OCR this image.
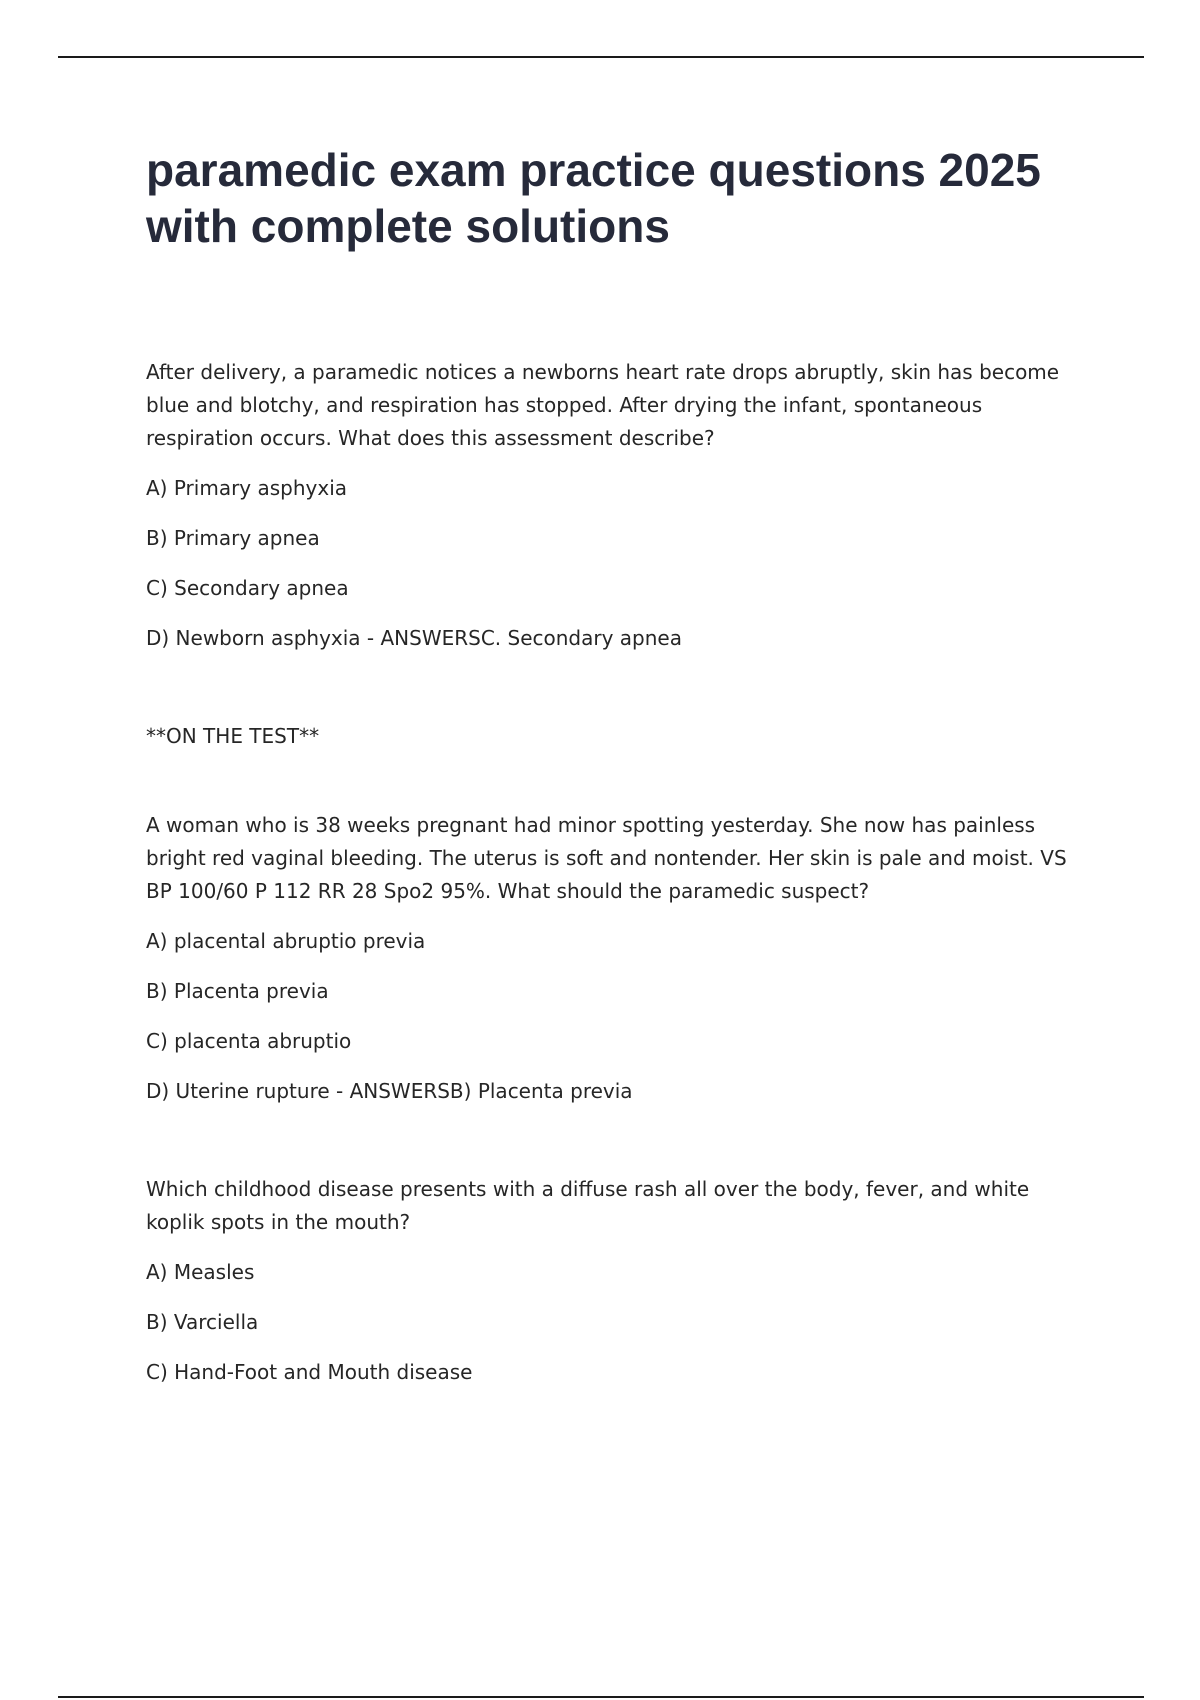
paramedic exam practice questions 2025 with complete solutions

After delivery, a paramedic notices a newborns heart rate drops abruptly, skin has become blue and blotchy, and respiration has stopped. After drying the infant, spontaneous respiration occurs. What does this assessment describe?

A) Primary asphyxia

B) Primary apnea

C) Secondary apnea

D) Newborn asphyxia - ANSWERSC. Secondary apnea

**ON THE TEST**

A woman who is 38 weeks pregnant had minor spotting yesterday. She now has painless bright red vaginal bleeding. The uterus is soft and nontender. Her skin is pale and moist. VS BP 100/60 P 112 RR 28 Spo2 95%. What should the paramedic suspect?

A) placental abruptio previa

B) Placenta previa

C) placenta abruptio

D) Uterine rupture - ANSWERSB) Placenta previa

Which childhood disease presents with a diffuse rash all over the body, fever, and white koplik spots in the mouth?

A) Measles

B) Varciella

C) Hand-Foot and Mouth disease
